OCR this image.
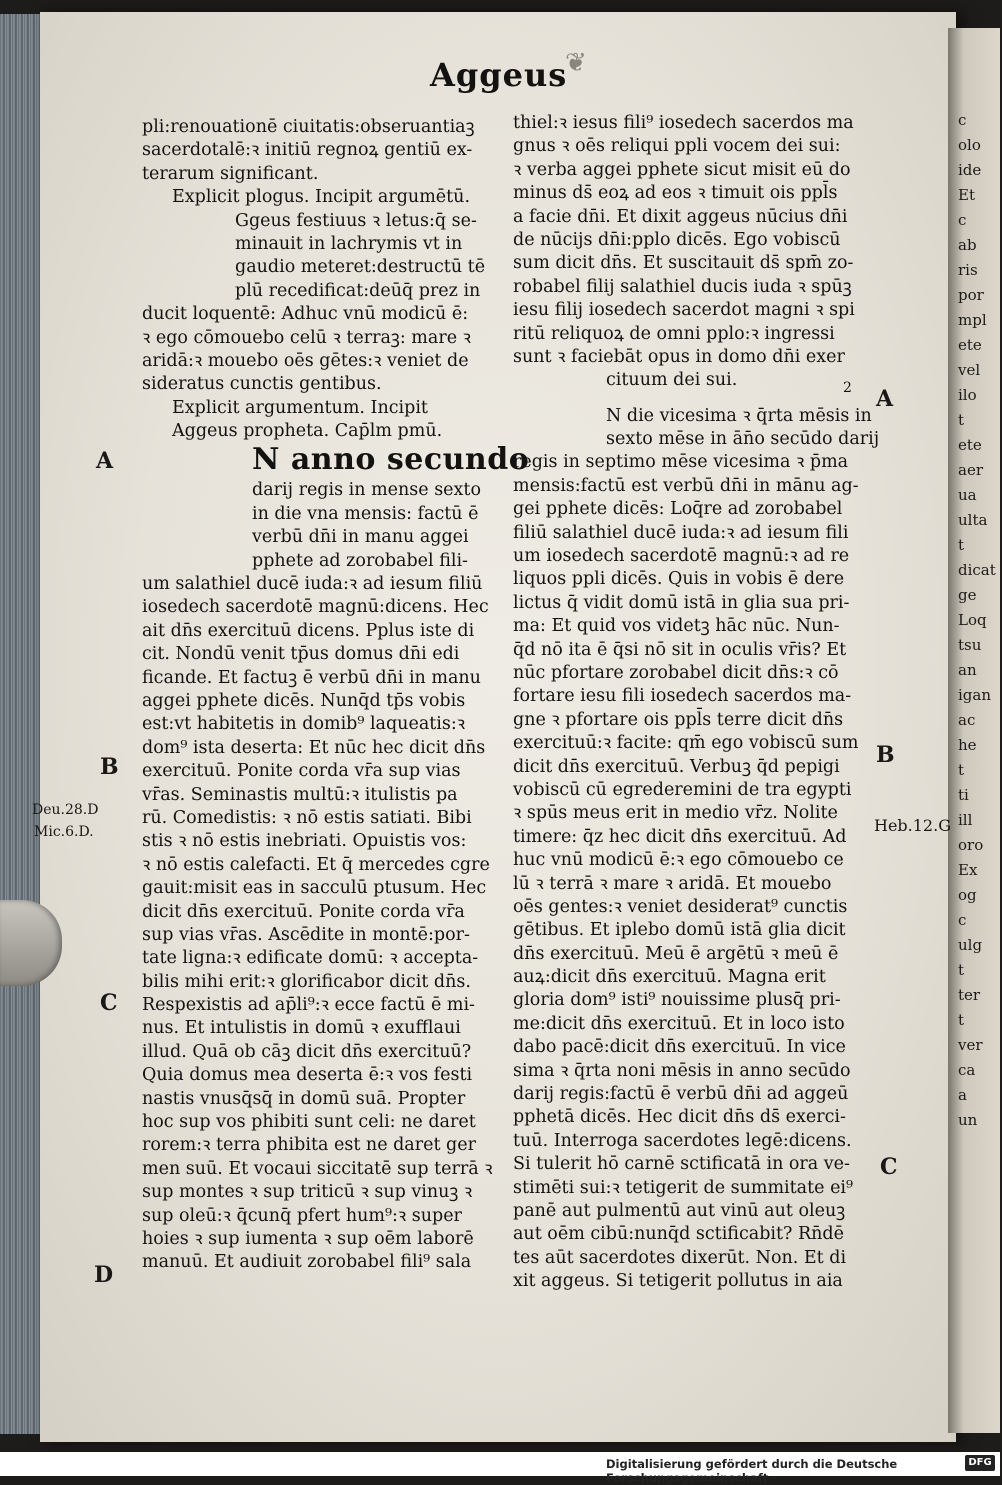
Aggeus
❦
pli:renouationē ciuitatis:obseruantiaꝫ
sacerdotalē:ꝛ initiū regnoꝝ gentiū ex-
terarum significant.
Explicit plogus. Incipit argumētū.
Ggeus festiuus ꝛ letus:q̄ se-
minauit in lachrymis vt in
gaudio meteret:destructū tē
plū recedificat:deūq̄ prez in
ducit loquentē: Adhuc vnū modicū ē:
ꝛ ego cōmouebo celū ꝛ terraꝫ: mare ꝛ
aridā:ꝛ mouebo oēs gētes:ꝛ veniet de
sideratus cunctis gentibus.
Explicit argumentum. Incipit
Aggeus propheta. Cap̄lm pmū.
N anno secundo
darij regis in mense sexto
in die vna mensis: factū ē
verbū dn̄i in manu aggei
pphete ad zorobabel fili-
um salathiel ducē iuda:ꝛ ad iesum filiū
iosedech sacerdotē magnū:dicens. Hec
ait dn̄s exercituū dicens. Pplus iste di
cit. Nondū venit tp̄us domus dn̄i edi
ficande. Et factuꝫ ē verbū dn̄i in manu
aggei pphete dicēs. Nunq̄d tp̄s vobis
est:vt habitetis in domib⁹ laqueatis:ꝛ
dom⁹ ista deserta: Et nūc hec dicit dn̄s
exercituū. Ponite corda vr̄a sup vias
vr̄as. Seminastis multū:ꝛ itulistis pa
rū. Comedistis: ꝛ nō estis satiati. Bibi
stis ꝛ nō estis inebriati. Opuistis vos:
ꝛ nō estis calefacti. Et q̄ mercedes cgre
gauit:misit eas in sacculū ptusum. Hec
dicit dn̄s exercituū. Ponite corda vr̄a
sup vias vr̄as. Ascēdite in montē:por-
tate ligna:ꝛ edificate domū: ꝛ accepta-
bilis mihi erit:ꝛ glorificabor dicit dn̄s.
Respexistis ad ap̄li⁹:ꝛ ecce factū ē mi-
nus. Et intulistis in domū ꝛ exufflaui
illud. Quā ob cāꝫ dicit dn̄s exercituū?
Quia domus mea deserta ē:ꝛ vos festi
nastis vnusq̄sq̄ in domū suā. Propter
hoc sup vos phibiti sunt celi: ne daret
rorem:ꝛ terra phibita est ne daret ger
men suū. Et vocaui siccitatē sup terrā ꝛ
sup montes ꝛ sup triticū ꝛ sup vinuꝫ ꝛ
sup oleū:ꝛ q̄cunq̄ pfert hum⁹:ꝛ super
hoies ꝛ sup iumenta ꝛ sup oēm laborē
manuū. Et audiuit zorobabel fili⁹ sala
thiel:ꝛ iesus fili⁹ iosedech sacerdos ma
gnus ꝛ oēs reliqui ppli vocem dei sui:
ꝛ verba aggei pphete sicut misit eū do
minus ds̄ eoꝝ ad eos ꝛ timuit ois ppl̄s
a facie dn̄i. Et dixit aggeus nūcius dn̄i
de nūcijs dn̄i:pplo dicēs. Ego vobiscū
sum dicit dn̄s. Et suscitauit ds̄ spm̄ zo-
robabel filij salathiel ducis iuda ꝛ spūꝫ
iesu filij iosedech sacerdot magni ꝛ spi
ritū reliquoꝝ de omni pplo:ꝛ ingressi
sunt ꝛ faciebāt opus in domo dn̄i exer
cituum dei sui.	2
N die vicesima ꝛ q̄rta mēsis in
sexto mēse in ān̄o secūdo darij
regis in septimo mēse vicesima ꝛ p̄ma
mensis:factū est verbū dn̄i in mānu ag-
gei pphete dicēs: Loq̄re ad zorobabel
filiū salathiel ducē iuda:ꝛ ad iesum fili
um iosedech sacerdotē magnū:ꝛ ad re
liquos ppli dicēs. Quis in vobis ē dere
lictus q̄ vidit domū istā in glia sua pri-
ma: Et quid vos videtꝫ hāc nūc. Nun-
q̄d nō ita ē q̄si nō sit in oculis vr̄is? Et
nūc pfortare zorobabel dicit dn̄s:ꝛ cō
fortare iesu fili iosedech sacerdos ma-
gne ꝛ pfortare ois ppl̄s terre dicit dn̄s
exercituū:ꝛ facite: qm̄ ego vobiscū sum
dicit dn̄s exercituū. Verbuꝫ q̄d pepigi
vobiscū cū egrederemini de tra egypti
ꝛ spūs meus erit in medio vr̄z. Nolite
timere: q̄z hec dicit dn̄s exercituū. Ad
huc vnū modicū ē:ꝛ ego cōmouebo ce
lū ꝛ terrā ꝛ mare ꝛ aridā. Et mouebo
oēs gentes:ꝛ veniet desiderat⁹ cunctis
gētibus. Et iplebo domū istā glia dicit
dn̄s exercituū. Meū ē argētū ꝛ meū ē
auꝝ:dicit dn̄s exercituū. Magna erit
gloria dom⁹ isti⁹ nouissime plusq̄ pri-
me:dicit dn̄s exercituū. Et in loco isto
dabo pacē:dicit dn̄s exercituū. In vice
sima ꝛ q̄rta noni mēsis in anno secūdo
darij regis:factū ē verbū dn̄i ad aggeū
pphetā dicēs. Hec dicit dn̄s ds̄ exerci-
tuū. Interroga sacerdotes legē:dicens.
Si tulerit hō carnē sctificatā in ora ve-
stimēti sui:ꝛ tetigerit de summitate ei⁹
panē aut pulmentū aut vinū aut oleuꝫ
aut oēm cibū:nunq̄d sctificabit? Rn̄dē
tes aūt sacerdotes dixerūt. Non. Et di
xit aggeus. Si tetigerit pollutus in aia
A
B
C
D
Deu.28.D
Mic.6.D.
A
B
C
Heb.12.G
c
olo
ide
Et
c
ab
ris
por
mpl
ete
vel
ilo
t
ete
aer
ua
ulta
t
dicat
ge
Loq
tsu
an
igan
ac
he
t
ti
ill
oro
Ex
og
c
ulg
t
ter
t
ver
ca
a
un
Digitalisierung gefördert durch die Deutsche Forschungsgemeinschaft ·
DFG
